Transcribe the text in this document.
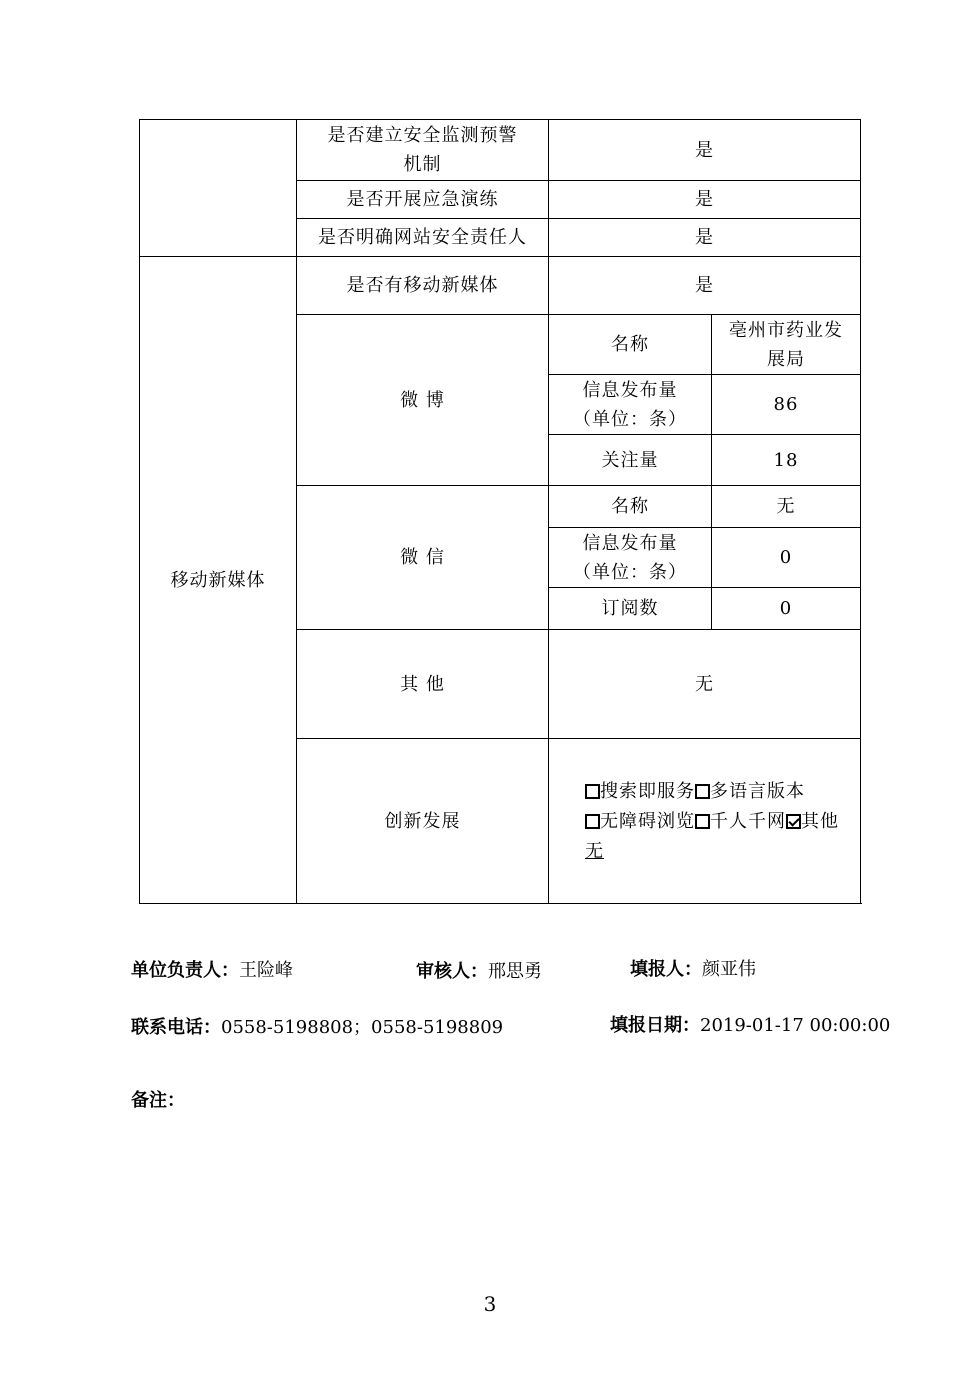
	是否建立安全监测预警机制	是	
	是否开展应急演练	是	
	是否明确网站安全责任人	是	
移动新媒体	是否有移动新媒体	是	
	微 博	名称	亳州市药业发展局
		信息发布量（单位：条）	86
		关注量	18
	微 信	名称	无
		信息发布量（单位：条）	0
		订阅数	0
	其 他	无	
	创新发展	搜索即服务 多语言版本无障碍浏览 千人千网 其他
无	
单位负责人：王险峰	审核人：邢思勇	填报人：颜亚伟
联系电话：0558-5198808；0558-5198809	填报日期：2019-01-17 00:00:00
备注：
3
